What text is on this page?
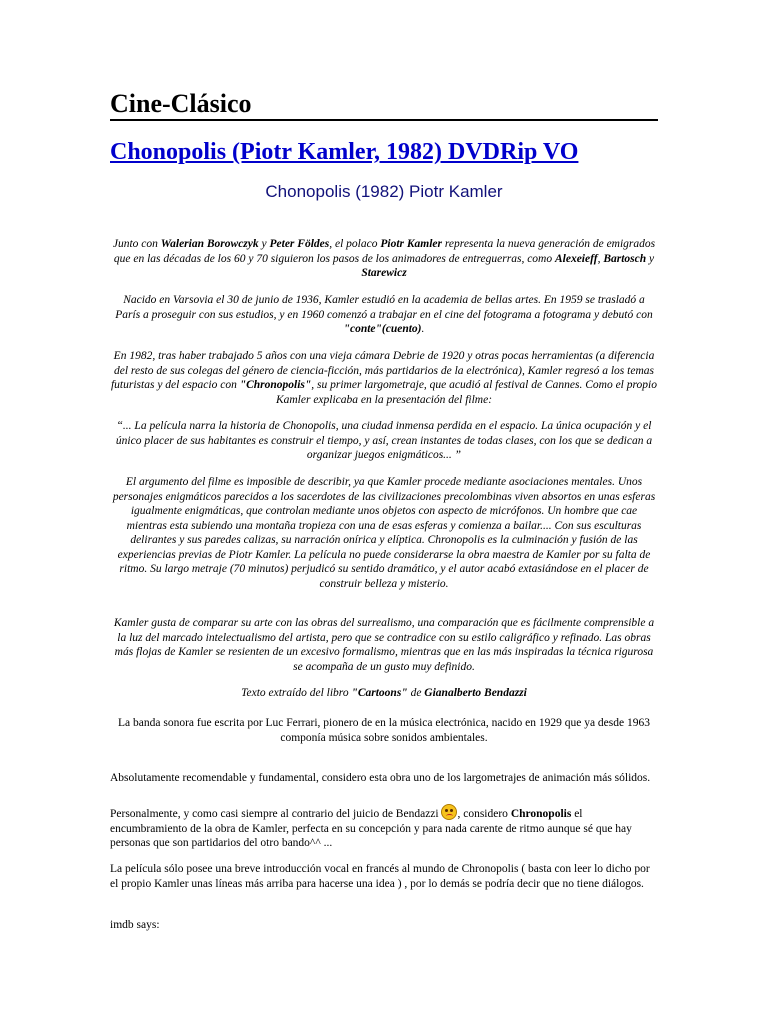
Cine-Clásico
Chonopolis (Piotr Kamler, 1982) DVDRip VO
Chonopolis (1982) Piotr Kamler

Junto con Walerian Borowczyk y Peter Földes, el polaco Piotr Kamler representa la nueva generación de emigrados que en las décadas de los 60 y 70 siguieron los pasos de los animadores de entreguerras, como Alexeieff, Bartosch y Starewicz

Nacido en Varsovia el 30 de junio de 1936, Kamler estudió en la academia de bellas artes. En 1959 se trasladó a París a proseguir con sus estudios, y en 1960 comenzó a trabajar en el cine del fotograma a fotograma y debutó con "conte"(cuento).

En 1982, tras haber trabajado 5 años con una vieja cámara Debrie de 1920 y otras pocas herramientas (a diferencia del resto de sus colegas del género de ciencia-ficción, más partidarios de la electrónica), Kamler regresó a los temas futuristas y del espacio con "Chronopolis", su primer largometraje, que acudió al festival de Cannes. Como el propio Kamler explicaba en la presentación del filme:

“... La película narra la historia de Chonopolis, una ciudad inmensa perdida en el espacio. La única ocupación y el único placer de sus habitantes es construir el tiempo, y así, crean instantes de todas clases, con los que se dedican a organizar juegos enigmáticos... ”

El argumento del filme es imposible de describir, ya que Kamler procede mediante asociaciones mentales. Unos personajes enigmáticos parecidos a los sacerdotes de las civilizaciones precolombinas viven absortos en unas esferas igualmente enigmáticas, que controlan mediante unos objetos con aspecto de micrófonos. Un hombre que cae mientras esta subiendo una montaña tropieza con una de esas esferas y comienza a bailar.... Con sus esculturas delirantes y sus paredes calizas, su narración onírica y elíptica. Chronopolis es la culminación y fusión de las experiencias previas de Piotr Kamler. La película no puede considerarse la obra maestra de Kamler por su falta de ritmo. Su largo metraje (70 minutos) perjudicó su sentido dramático, y el autor acabó extasiándose en el placer de construir belleza y misterio.

Kamler gusta de comparar su arte con las obras del surrealismo, una comparación que es fácilmente comprensible a la luz del marcado intelectualismo del artista, pero que se contradice con su estilo caligráfico y refinado. Las obras más flojas de Kamler se resienten de un excesivo formalismo, mientras que en las más inspiradas la técnica rigurosa se acompaña de un gusto muy definido.

Texto extraído del libro "Cartoons" de Gianalberto Bendazzi

La banda sonora fue escrita por Luc Ferrari, pionero de en la música electrónica, nacido en 1929 que ya desde 1963 componía música sobre sonidos ambientales.

Absolutamente recomendable y fundamental, considero esta obra uno de los largometrajes de animación más sólidos.

Personalmente, y como casi siempre al contrario del juicio de Bendazzi , considero Chronopolis el encumbramiento de la obra de Kamler, perfecta en su concepción y para nada carente de ritmo aunque sé que hay personas que son partidarios del otro bando^^ ...

La película sólo posee una breve introducción vocal en francés al mundo de Chronopolis ( basta con leer lo dicho por el propio Kamler unas líneas más arriba para hacerse una idea ) , por lo demás se podría decir que no tiene diálogos.

imdb says:
